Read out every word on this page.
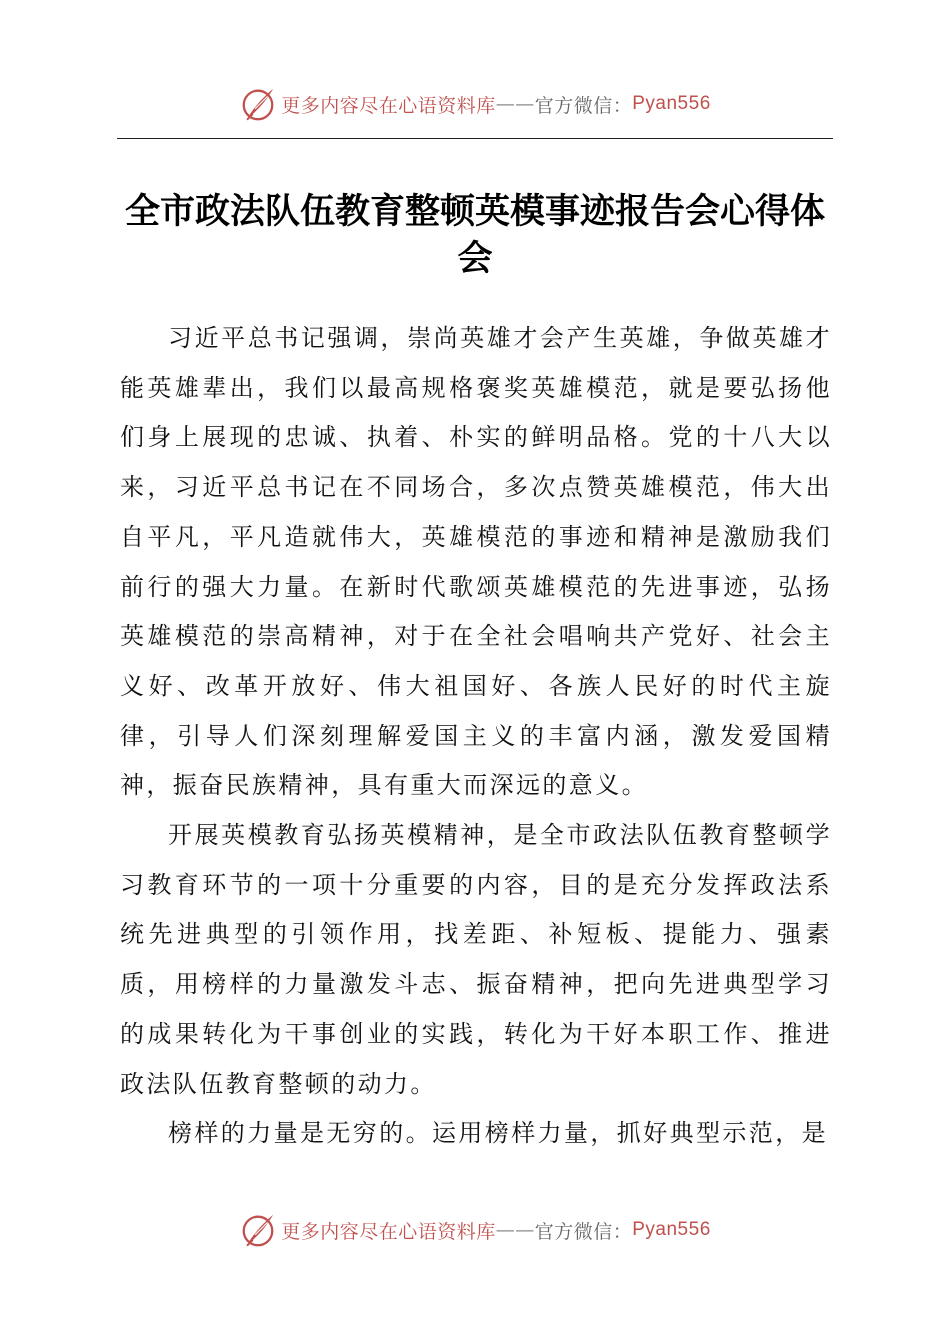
更多内容尽在心语资料库 —— 官方微信： Pyan556
全市政法队伍教育整顿英模事迹报告会心得体会

习近平总书记强调，崇尚英雄才会产生英雄，争做英雄才能英雄辈出，我们以最高规格褒奖英雄模范，就是要弘扬他们身上展现的忠诚、执着、朴实的鲜明品格。党的十八大以来，习近平总书记在不同场合，多次点赞英雄模范，伟大出自平凡，平凡造就伟大，英雄模范的事迹和精神是激励我们前行的强大力量。在新时代歌颂英雄模范的先进事迹，弘扬英雄模范的崇高精神，对于在全社会唱响共产党好、社会主义好、改革开放好、伟大祖国好、各族人民好的时代主旋律，引导人们深刻理解爱国主义的丰富内涵，激发爱国精神，振奋民族精神，具有重大而深远的意义。

开展英模教育弘扬英模精神，是全市政法队伍教育整顿学习教育环节的一项十分重要的内容，目的是充分发挥政法系统先进典型的引领作用，找差距、补短板、提能力、强素质，用榜样的力量激发斗志、振奋精神，把向先进典型学习的成果转化为干事创业的实践，转化为干好本职工作、推进政法队伍教育整顿的动力。

榜样的力量是无穷的。运用榜样力量，抓好典型示范，是

更多内容尽在心语资料库 —— 官方微信： Pyan556
